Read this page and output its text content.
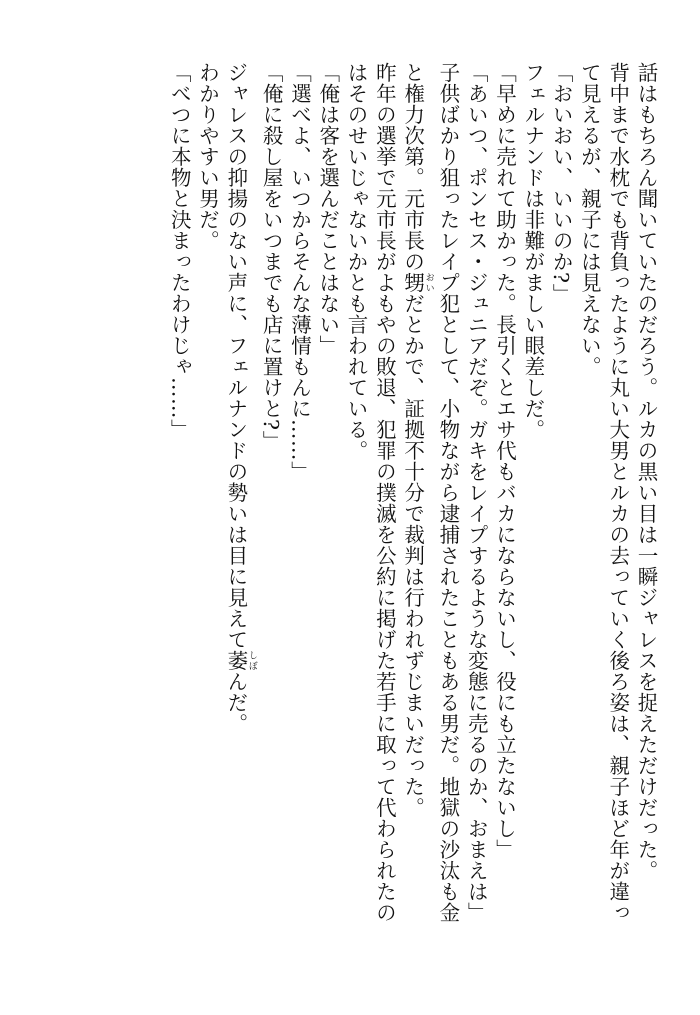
話はもちろん聞いていたのだろう。ルカの黒い目は一瞬ジャレスを捉えただけだった。

背中まで水枕でも背負ったように丸い大男とルカの去っていく後ろ姿は、親子ほど年が違っ

て見えるが、親子には見えない。

「おいおい、いいのか?」

フェルナンドは非難がましい眼差しだ。

「早めに売れて助かった。長引くとエサ代もバカにならないし、役にも立たないし」

「あいつ、ポンセス・ジュニアだぞ。ガキをレイプするような変態に売るのか、おまえは」

子供ばかり狙ったレイプ犯として、小物ながら逮捕されたこともある男だ。地獄の沙汰も金

と権力次第。元市長の甥 おいだとかで、証拠不十分で裁判は行われずじまいだった。

昨年の選挙で元市長がよもやの敗退、犯罪の撲滅を公約に掲げた若手に取って代わられたの

はそのせいじゃないかとも言われている。

「俺は客を選んだことはない」

「選べよ、いつからそんな薄情もんに……」

「俺に殺し屋をいつまでも店に置けと?」

ジャレスの抑揚のない声に、フェルナンドの勢いは目に見えて萎 しぼんだ。

わかりやすい男だ。

「べつに本物と決まったわけじゃ……」
